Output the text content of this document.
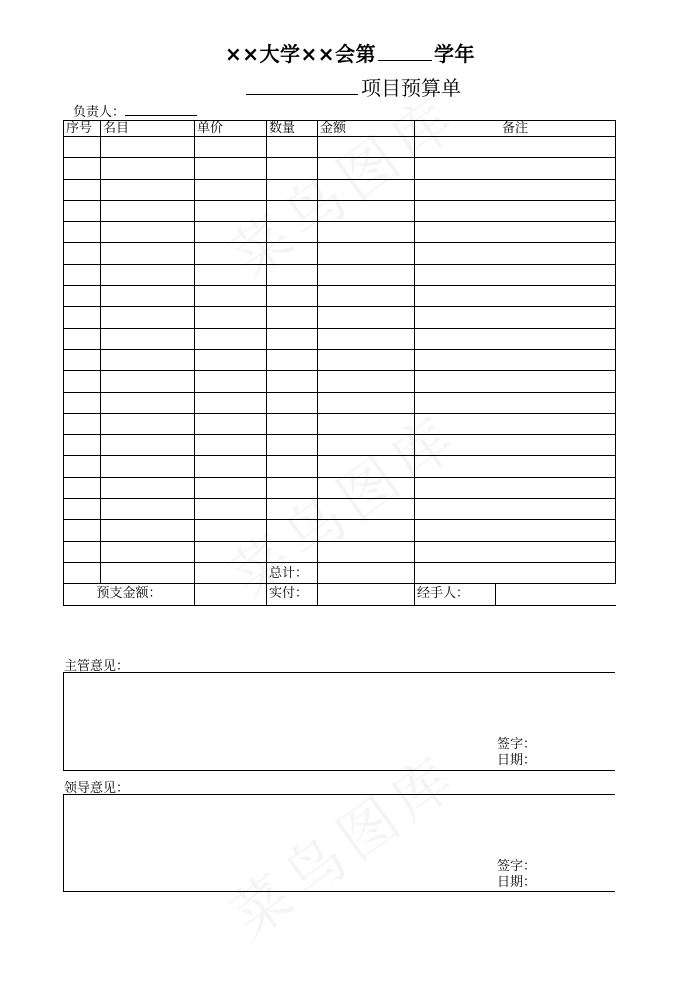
××大学××会第	学年
项目预算单
负责人：
序号	名目	单价	数量	金额	备注	

			总计：			
预支金额：			实付：		经手人：	
主管意见：
签字：
日期：
领导意见：
签字：
日期：
